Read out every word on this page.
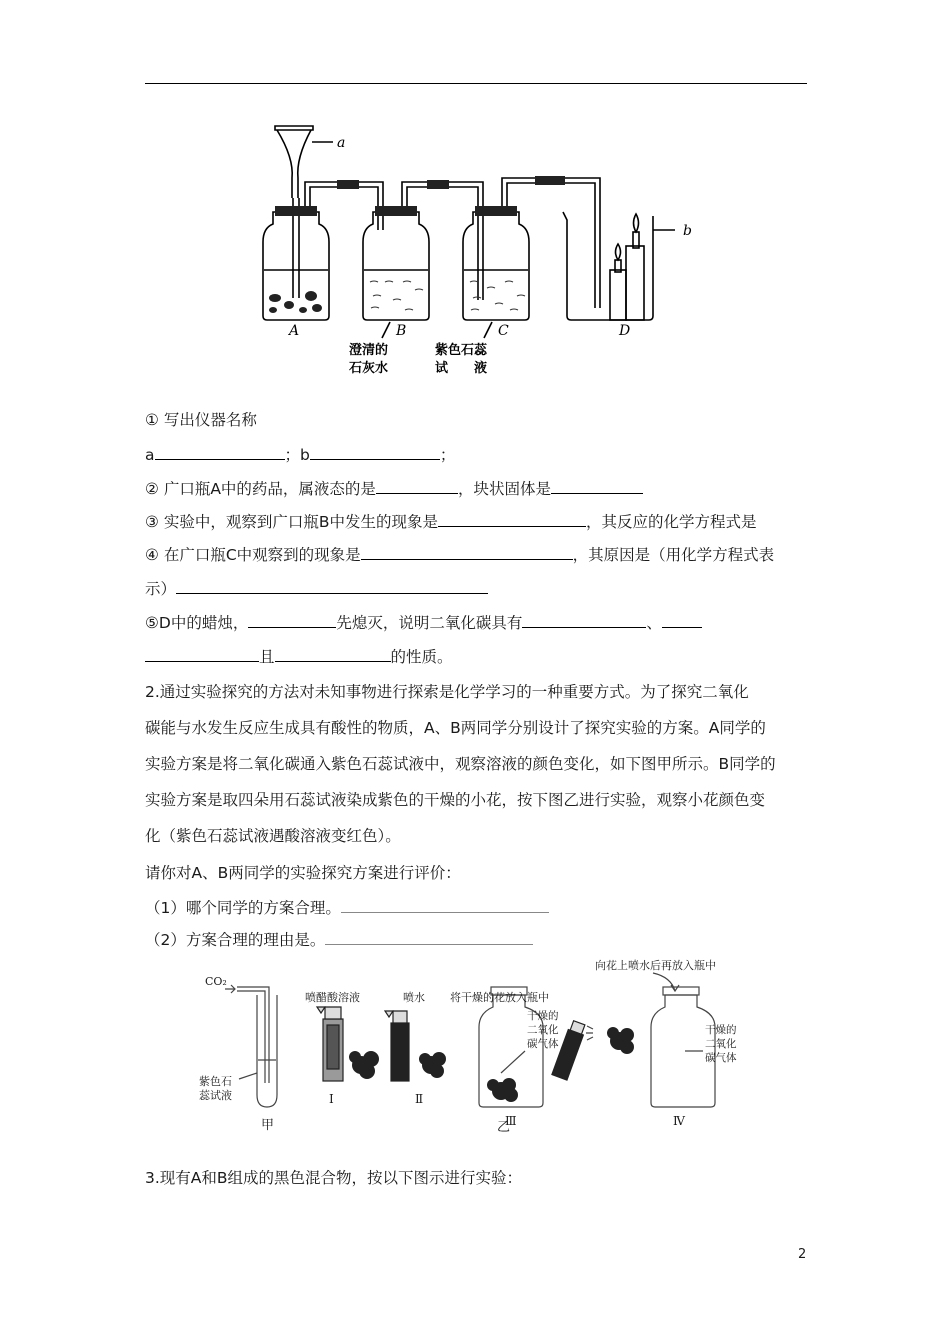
a
b
A	B	C	D
澄清的
石灰水
紫色石蕊
试　　液
① 写出仪器名称
a	；b	；
② 广口瓶A中的药品，属液态的是	，块状固体是
③ 实验中，观察到广口瓶B中发生的现象是	，其反应的化学方程式是
④ 在广口瓶C中观察到的现象是	，其原因是（用化学方程式表
示）
⑤D中的蜡烛，	先熄灭，说明二氧化碳具有	、
且	的性质。
2.通过实验探究的方法对未知事物进行探索是化学学习的一种重要方式。为了探究二氧化
碳能与水发生反应生成具有酸性的物质，A、B两同学分别设计了探究实验的方案。A同学的
实验方案是将二氧化碳通入紫色石蕊试液中，观察溶液的颜色变化，如下图甲所示。B同学的
实验方案是取四朵用石蕊试液染成紫色的干燥的小花，按下图乙进行实验，观察小花颜色变
化（紫色石蕊试液遇酸溶液变红色）。
请你对A、B两同学的实验探究方案进行评价：
（1）哪个同学的方案合理。
（2）方案合理的理由是。
CO₂
紫色石
蕊试液
甲	乙
喷醋酸溶液	喷水 将干燥的花放入瓶中
向花上喷水后再放入瓶中
干燥的
二氧化
碳气体
干燥的
二氧化
碳气体
Ⅰ	Ⅱ
Ⅲ	Ⅳ
3.现有A和B组成的黑色混合物，按以下图示进行实验：
2
